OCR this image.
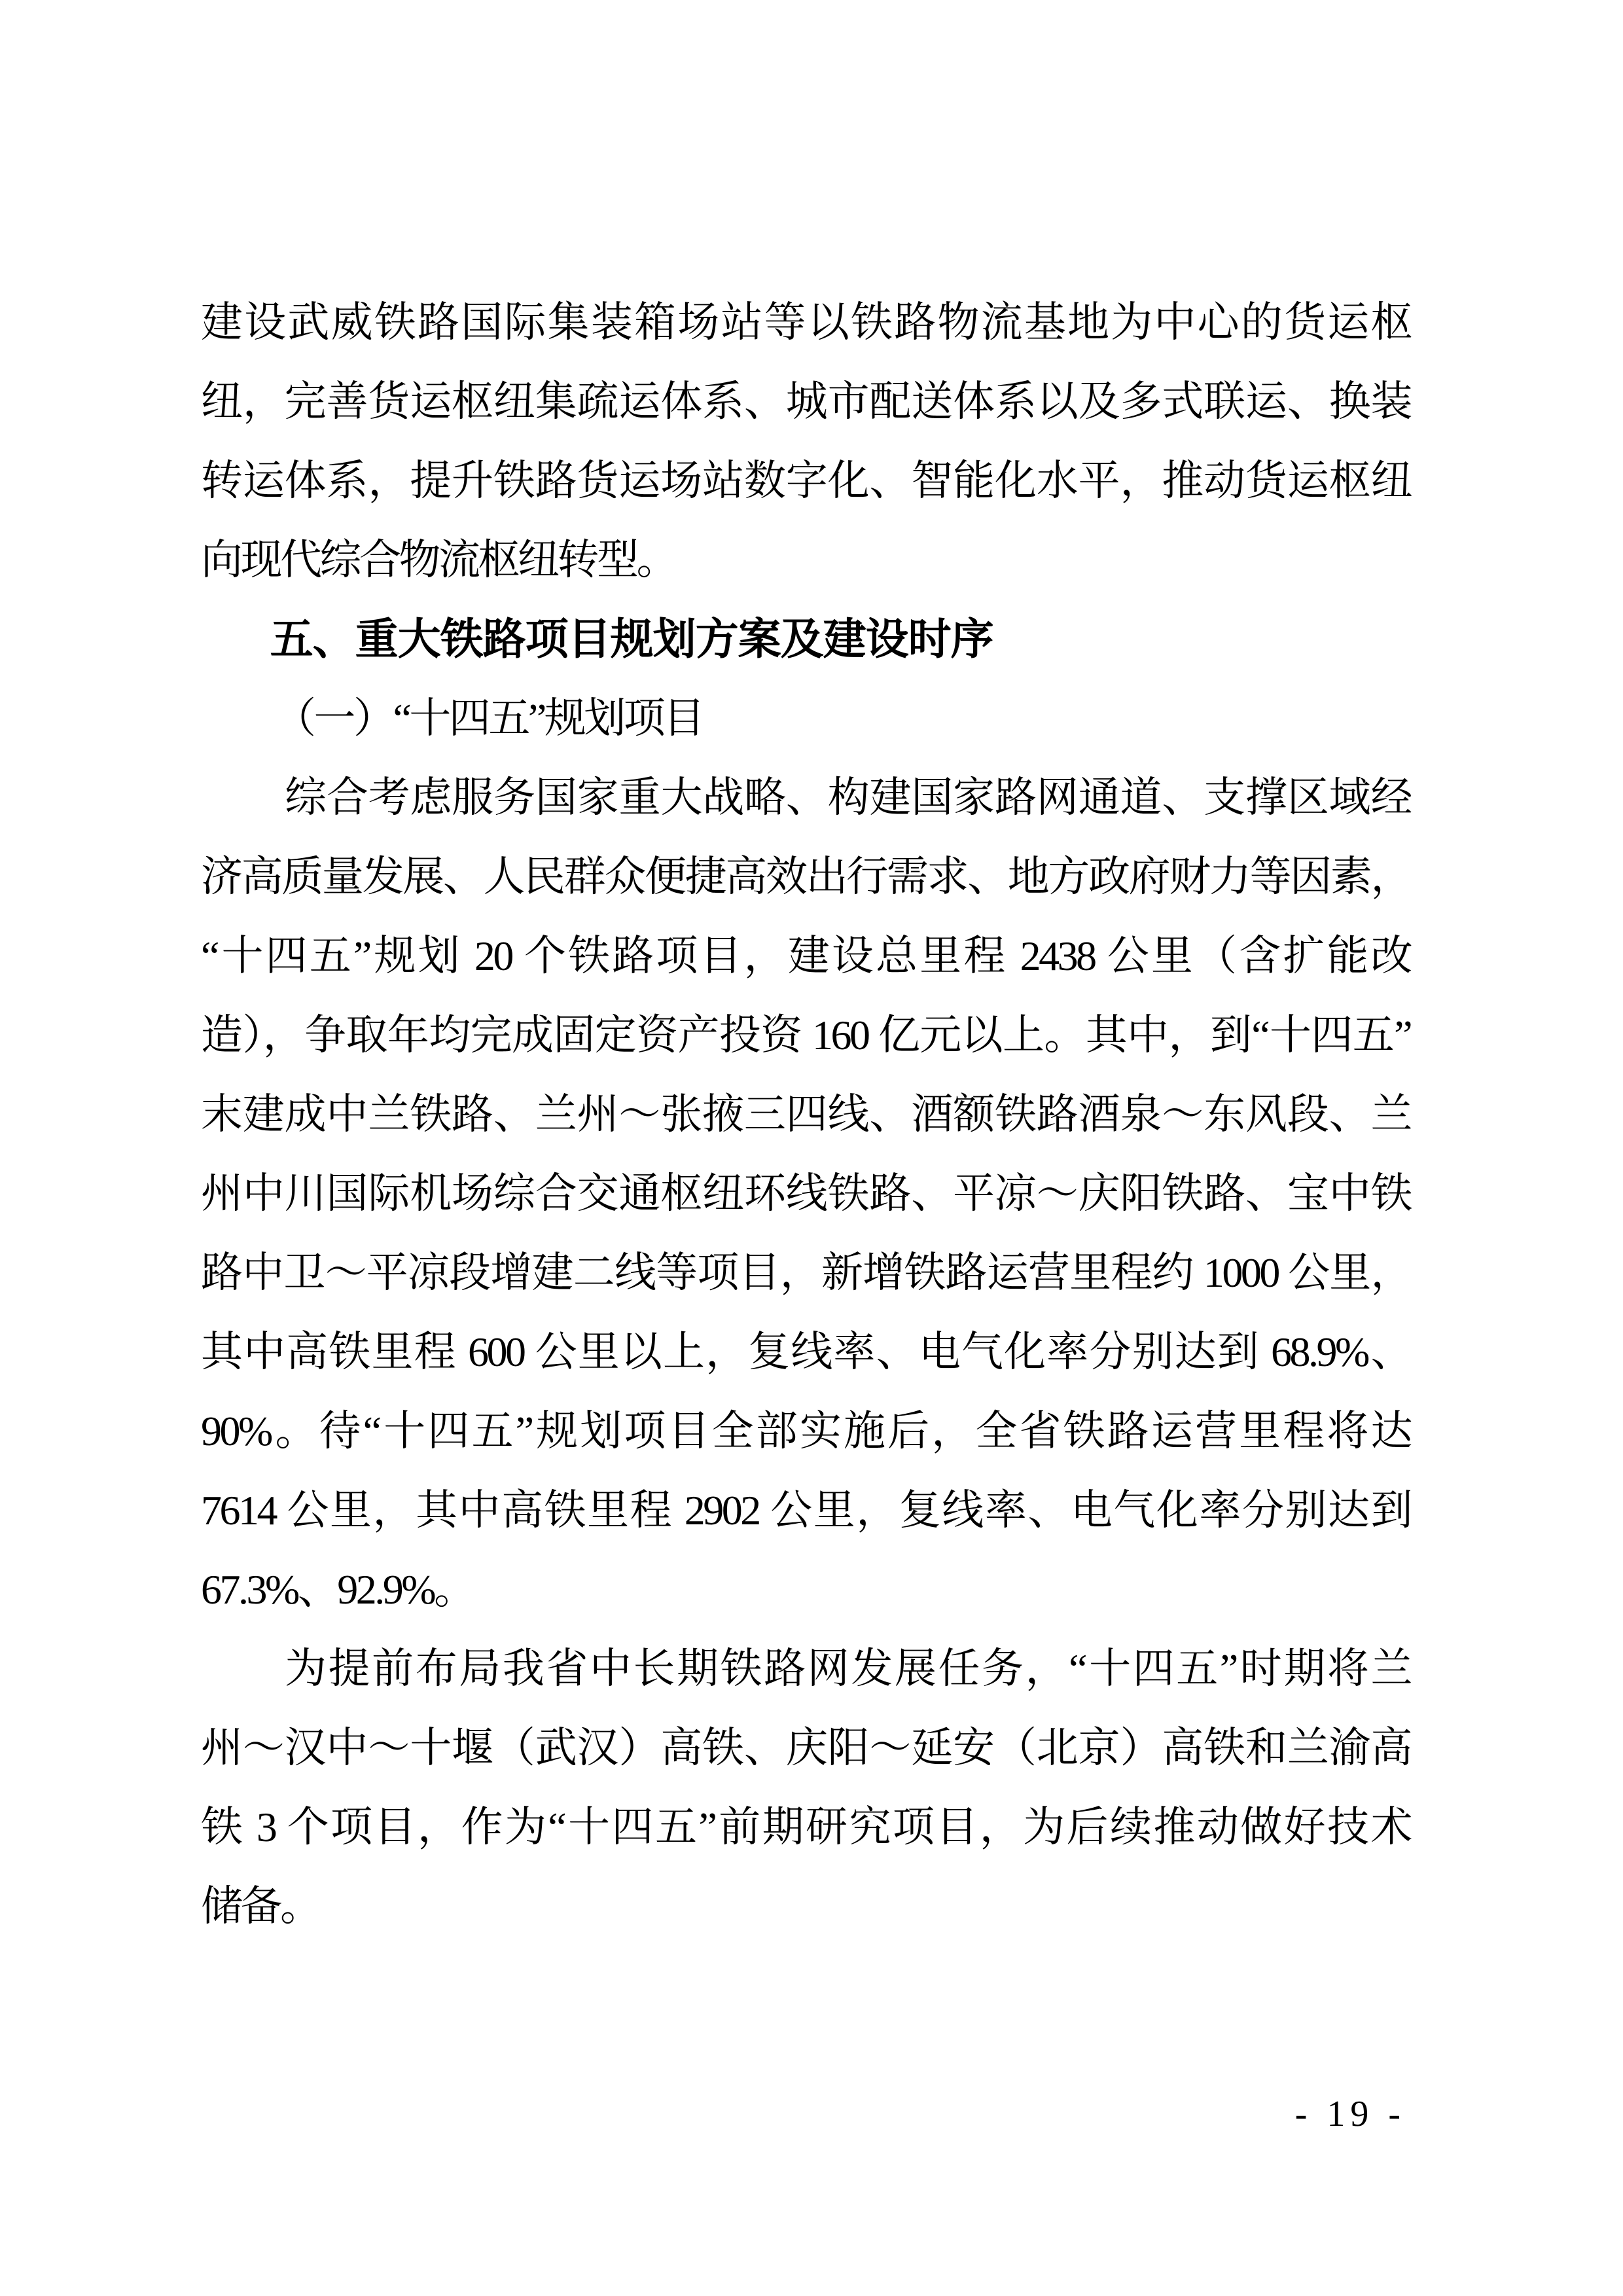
建设武威铁路国际集装箱场站等以铁路物流基地为中心的货运枢
纽，完善货运枢纽集疏运体系、城市配送体系以及多式联运、换装
转运体系，提升铁路货运场站数字化、智能化水平，推动货运枢纽
向现代综合物流枢纽转型。
五、重大铁路项目规划方案及建设时序
（一）“十四五”规划项目
综合考虑服务国家重大战略、构建国家路网通道、支撑区域经
济高质量发展、人民群众便捷高效出行需求、地方政府财力等因素，
“十四五”规划 20 个铁路项目，建设总里程 2438 公里（含扩能改
造），争取年均完成固定资产投资 160 亿元以上。其中，到“十四五”
末建成中兰铁路、兰州～张掖三四线、酒额铁路酒泉～东风段、兰
州中川国际机场综合交通枢纽环线铁路、平凉～庆阳铁路、宝中铁
路中卫～平凉段增建二线等项目，新增铁路运营里程约 1000 公里，
其中高铁里程 600 公里以上，复线率、电气化率分别达到 68.9%、
90%。待“十四五”规划项目全部实施后，全省铁路运营里程将达
7614 公里，其中高铁里程 2902 公里，复线率、电气化率分别达到
67.3%、92.9%。
为提前布局我省中长期铁路网发展任务，“十四五”时期将兰
州～汉中～十堰（武汉）高铁、庆阳～延安（北京）高铁和兰渝高
铁 3 个项目，作为“十四五”前期研究项目，为后续推动做好技术
储备。
- 19 -
